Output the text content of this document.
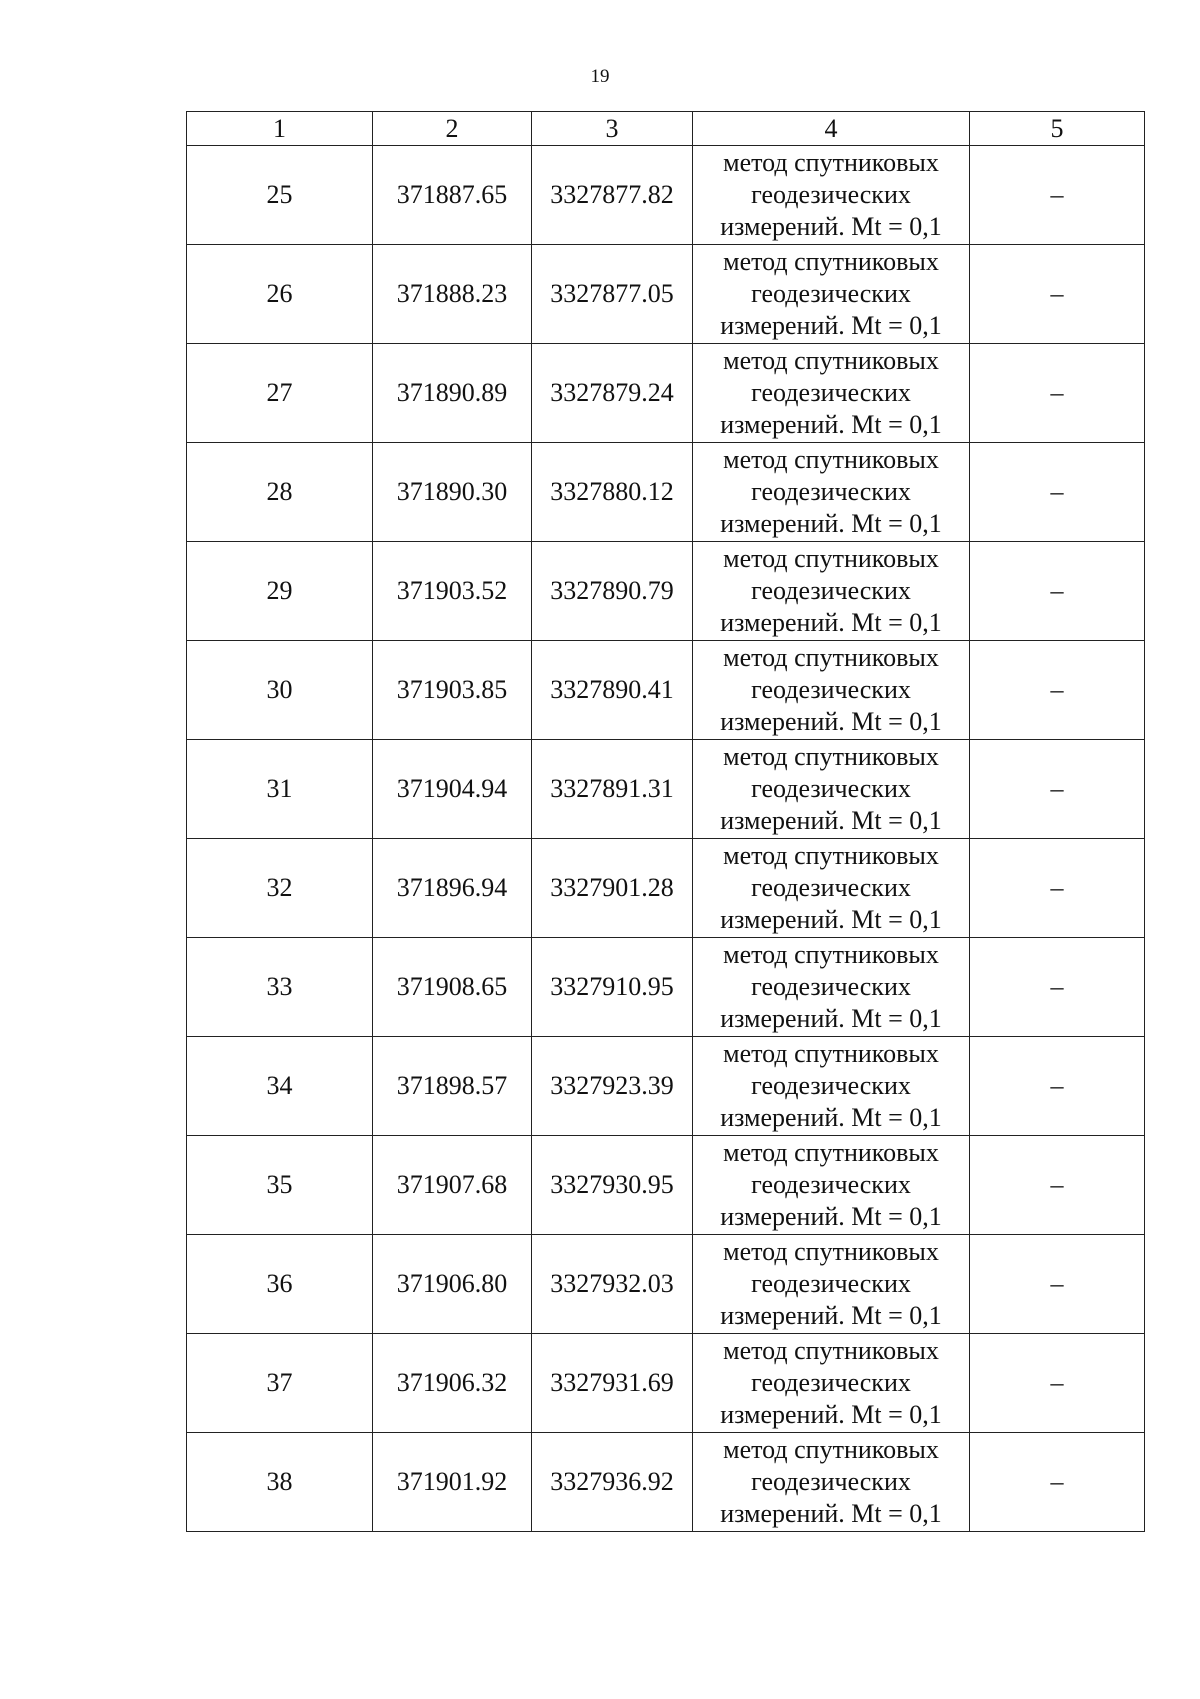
19
1	2	3	4	5
25	371887.65	3327877.82	метод спутниковых геодезических измерений. Mt = 0,1	–
26	371888.23	3327877.05	метод спутниковых геодезических измерений. Mt = 0,1	–
27	371890.89	3327879.24	метод спутниковых геодезических измерений. Mt = 0,1	–
28	371890.30	3327880.12	метод спутниковых геодезических измерений. Mt = 0,1	–
29	371903.52	3327890.79	метод спутниковых геодезических измерений. Mt = 0,1	–
30	371903.85	3327890.41	метод спутниковых геодезических измерений. Mt = 0,1	–
31	371904.94	3327891.31	метод спутниковых геодезических измерений. Mt = 0,1	–
32	371896.94	3327901.28	метод спутниковых геодезических измерений. Mt = 0,1	–
33	371908.65	3327910.95	метод спутниковых геодезических измерений. Mt = 0,1	–
34	371898.57	3327923.39	метод спутниковых геодезических измерений. Mt = 0,1	–
35	371907.68	3327930.95	метод спутниковых геодезических измерений. Mt = 0,1	–
36	371906.80	3327932.03	метод спутниковых геодезических измерений. Mt = 0,1	–
37	371906.32	3327931.69	метод спутниковых геодезических измерений. Mt = 0,1	–
38	371901.92	3327936.92	метод спутниковых геодезических измерений. Mt = 0,1	–
